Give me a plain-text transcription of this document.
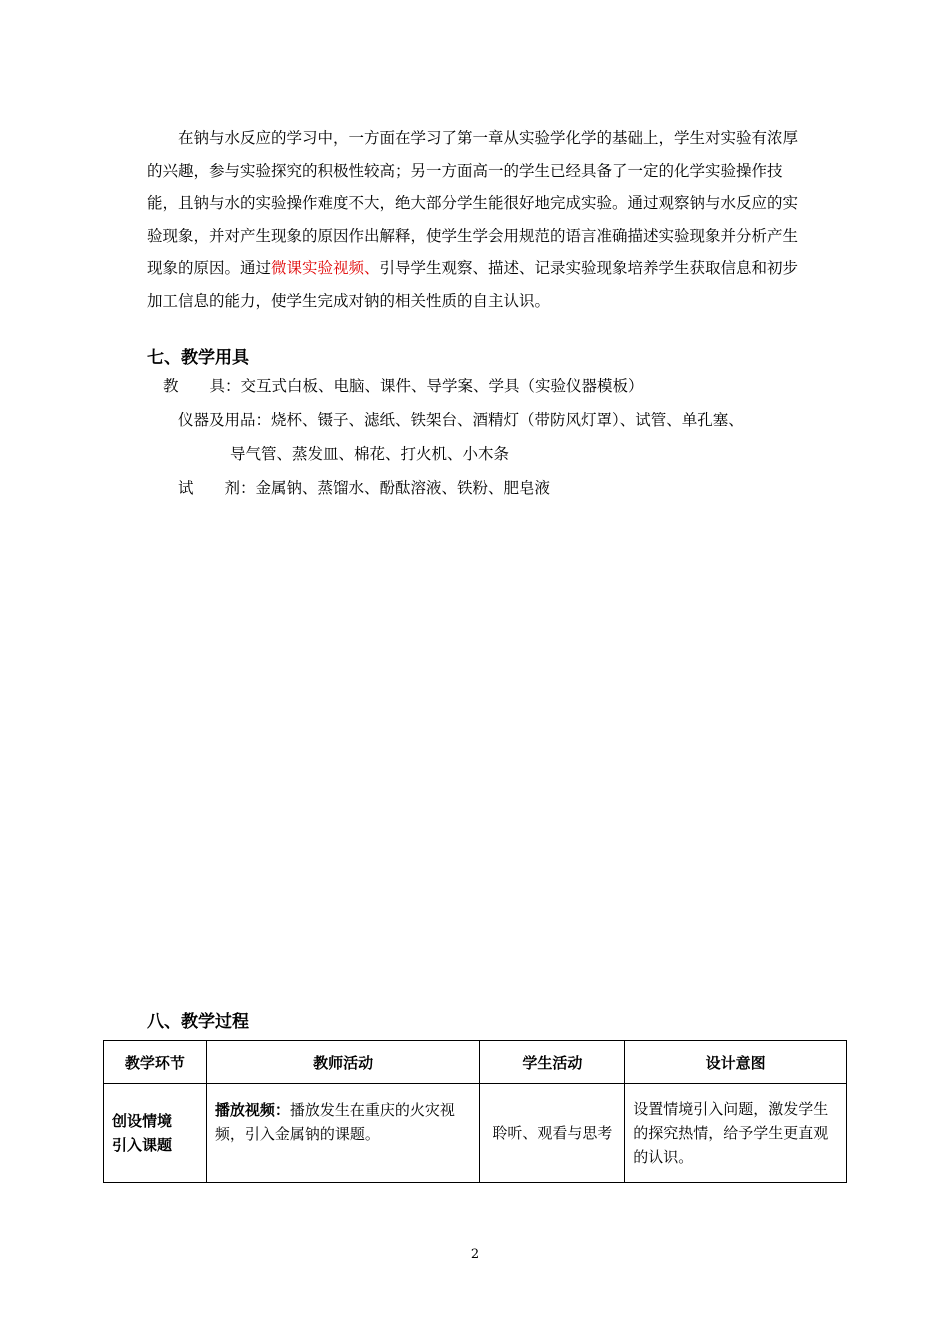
在钠与水反应的学习中，一方面在学习了第一章从实验学化学的基础上，学生对实验有浓厚的兴趣，参与实验探究的积极性较高；另一方面高一的学生已经具备了一定的化学实验操作技能，且钠与水的实验操作难度不大，绝大部分学生能很好地完成实验。通过观察钠与水反应的实验现象，并对产生现象的原因作出解释，使学生学会用规范的语言准确描述实验现象并分析产生现象的原因。通过微课实验视频、引导学生观察、描述、记录实验现象培养学生获取信息和初步加工信息的能力，使学生完成对钠的相关性质的自主认识。

七、教学用具

教　　具：交互式白板、电脑、课件、导学案、学具（实验仪器模板）

仪器及用品：烧杯、镊子、滤纸、铁架台、酒精灯（带防风灯罩）、试管、单孔塞、

导气管、蒸发皿、棉花、打火机、小木条

试　　剂：金属钠、蒸馏水、酚酞溶液、铁粉、肥皂液

八、教学过程
教学环节	教师活动	学生活动	设计意图
创设情境
引入课题	播放视频：播放发生在重庆的火灾视频，引入金属钠的课题。	聆听、观看与思考	设置情境引入问题，激发学生的探究热情，给予学生更直观的认识。
2
